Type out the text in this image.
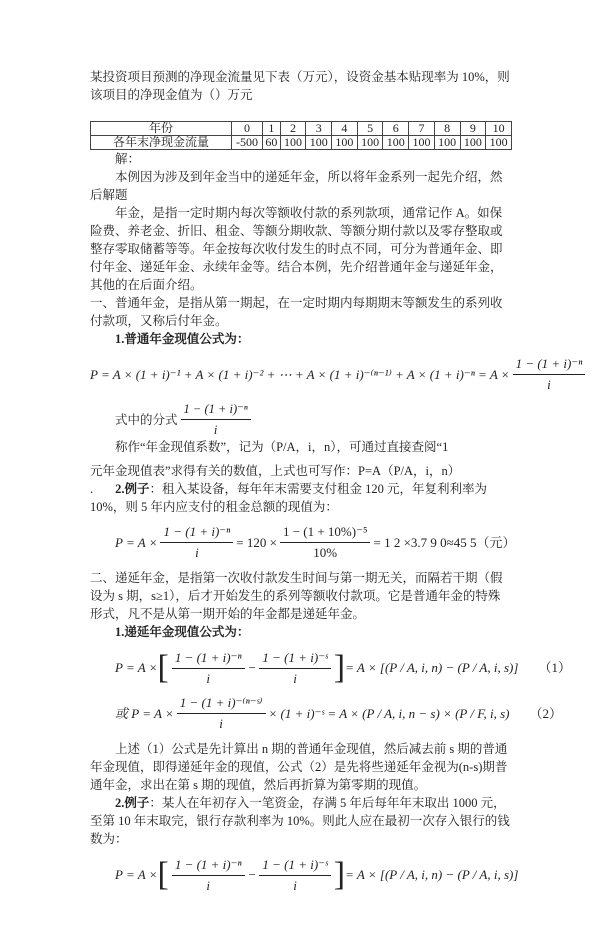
某投资项目预测的净现金流量见下表（万元），设资金基本贴现率为 10%，则该项目的净现金值为（）万元
年份	0	1	2	3	4	5	6	7	8	9	10
各年末净现金流量	-500	60	100	100	100	100	100	100	100	100	100
解：
本例因为涉及到年金当中的递延年金，所以将年金系列一起先介绍，然后解题
年金，是指一定时期内每次等额收付款的系列款项，通常记作 A。如保险费、养老金、折旧、租金、等额分期收款、等额分期付款以及零存整取或整存零取储蓄等等。年金按每次收付发生的时点不同，可分为普通年金、即付年金、递延年金、永续年金等。结合本例，先介绍普通年金与递延年金，其他的在后面介绍。
一、普通年金，是指从第一期起，在一定时期内每期期末等额发生的系列收付款项，又称后付年金。
1.普通年金现值公式为：
P = A × (1 + i)⁻¹ + A × (1 + i)⁻² + ⋯ + $A \times (1 + i)^{-(n-1)} + A \times (1 + i)^{-n} = A \times \frac{\text{1 − (1 + i)⁻ⁿ}}{i}$
式中的分式 $\frac{\text{1 − (1 + i)⁻ⁿ}}{i}$
称作“年金现值系数”，记为（P/A，i，n），可通过直接查阅“1
元年金现值表”求得有关的数值，上式也可写作：P=A（P/A，i，n）
. 2.例子：租入某设备，每年年末需要支付租金 120 元，年复利利率为 10%，则 5 年内应支付的租金总额的现值为：
$P = A \times \frac{\text{1 − (1 + i)⁻ⁿ}}{i} = 120 \times \frac{\text{1 − (1 + 10\%)⁻⁵}}{10\%} = 1$ 2 ×3.7 9 0≈45 5（元）
二、递延年金，是指第一次收付款发生时间与第一期无关，而隔若干期（假设为 s 期，s≥1），后才开始发生的系列等额收付款项。它是普通年金的特殊形式，凡不是从第一期开始的年金都是递延年金。
1.递延年金现值公式为：
P = A × [ $\frac{\text{1 − (1 + i)⁻ⁿ}}{i} - \frac{\text{1 − (1 + i)⁻ˢ}}{i}$ ] = A × [(P / A, i, n) − (P / A, i, s)] （1）
或 $P = A \times \frac{\text{1 − (1 + i)⁻⁽ⁿ⁻ˢ⁾}}{i} \times (1$ + i)⁻ˢ = A × (P / A, i, n − s) × (P / F, i, s) （2）
上述（1）公式是先计算出 n 期的普通年金现值，然后减去前 s 期的普通年金现值，即得递延年金的现值，公式（2）是先将些递延年金视为(n-s)期普通年金，求出在第 s 期的现值，然后再折算为第零期的现值。
2.例子：某人在年初存入一笔资金，存满 5 年后每年年末取出 1000 元，至第 10 年末取完，银行存款利率为 10%。则此人应在最初一次存入银行的钱数为：
P = A × [ $\frac{\text{1 − (1 + i)⁻ⁿ}}{i} - \frac{\text{1 − (1 + i)⁻ˢ}}{i}$ ] = A × [(P / A, i, n) − (P / A, i, s)]
